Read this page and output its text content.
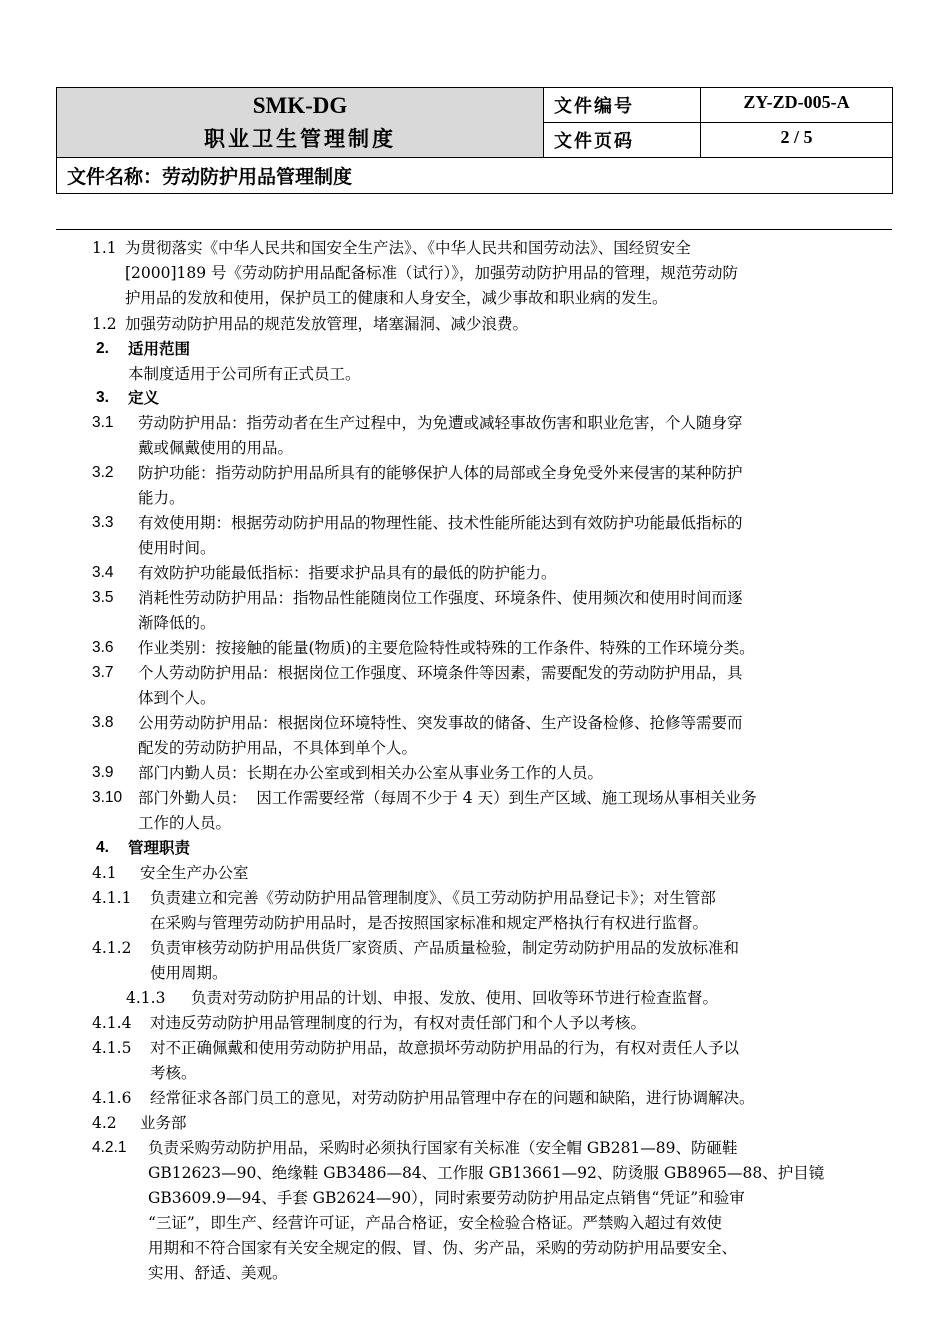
SMK-DG
职业卫生管理制度	文件编号	ZY-ZD-005-A
	文件页码	2 / 5
文件名称：劳动防护用品管理制度		
1.1 为贯彻落实《中华人民共和国安全生产法》、《中华人民共和国劳动法》、国经贸安全
[2000]189 号《劳动防护用品配备标准（试行）》，加强劳动防护用品的管理，规范劳动防
护用品的发放和使用，保护员工的健康和人身安全，减少事故和职业病的发生。
1.2 加强劳动防护用品的规范发放管理，堵塞漏洞、减少浪费。
2. 适用范围
本制度适用于公司所有正式员工。
3. 定义
3.1 劳动防护用品：指劳动者在生产过程中，为免遭或减轻事故伤害和职业危害，个人随身穿
戴或佩戴使用的用品。
3.2 防护功能：指劳动防护用品所具有的能够保护人体的局部或全身免受外来侵害的某种防护
能力。
3.3 有效使用期：根据劳动防护用品的物理性能、技术性能所能达到有效防护功能最低指标的
使用时间。
3.4 有效防护功能最低指标：指要求护品具有的最低的防护能力。
3.5 消耗性劳动防护用品：指物品性能随岗位工作强度、环境条件、使用频次和使用时间而逐
渐降低的。
3.6 作业类别：按接触的能量(物质)的主要危险特性或特殊的工作条件、特殊的工作环境分类。
3.7 个人劳动防护用品：根据岗位工作强度、环境条件等因素，需要配发的劳动防护用品，具
体到个人。
3.8 公用劳动防护用品：根据岗位环境特性、突发事故的储备、生产设备检修、抢修等需要而
配发的劳动防护用品，不具体到单个人。
3.9 部门内勤人员：长期在办公室或到相关办公室从事业务工作的人员。
3.10 部门外勤人员：  因工作需要经常（每周不少于 4 天）到生产区域、施工现场从事相关业务
工作的人员。
4. 管理职责
4.1 安全生产办公室
4.1.1 负责建立和完善《劳动防护用品管理制度》、《员工劳动防护用品登记卡》；对生管部
在采购与管理劳动防护用品时，是否按照国家标准和规定严格执行有权进行监督。
4.1.2 负责审核劳动防护用品供货厂家资质、产品质量检验，制定劳动防护用品的发放标准和
使用周期。
4.1.3 负责对劳动防护用品的计划、申报、发放、使用、回收等环节进行检查监督。
4.1.4 对违反劳动防护用品管理制度的行为，有权对责任部门和个人予以考核。
4.1.5 对不正确佩戴和使用劳动防护用品，故意损坏劳动防护用品的行为，有权对责任人予以
考核。
4.1.6 经常征求各部门员工的意见，对劳动防护用品管理中存在的问题和缺陷，进行协调解决。
4.2 业务部
4.2.1 负责采购劳动防护用品，采购时必须执行国家有关标准（安全帽 GB281—89、防砸鞋
GB12623—90、绝缘鞋 GB3486—84、工作服 GB13661—92、防烫服 GB8965—88、护目镜
GB3609.9—94、手套 GB2624—90），同时索要劳动防护用品定点销售“凭证”和验审
“三证”，即生产、经营许可证，产品合格证，安全检验合格证。严禁购入超过有效使
用期和不符合国家有关安全规定的假、冒、伪、劣产品，采购的劳动防护用品要安全、
实用、舒适、美观。
